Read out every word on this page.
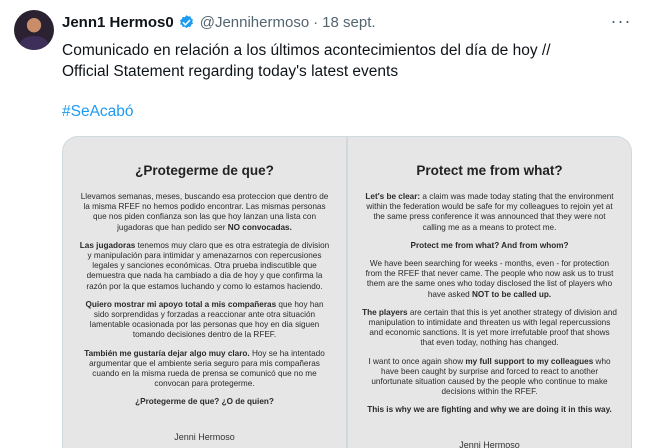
Jenn1 Hermos0 @Jennihermoso · 18 sept.	···
Comunicado en relación a los últimos acontecimientos del día de hoy //
Official Statement regarding today's latest events
#SeAcabó
¿Protegerme de que?

Llevamos semanas, meses, buscando esa proteccion que dentro de la misma RFEF no hemos podido encontrar. Las mismas personas que nos piden confianza son las que hoy lanzan una lista con jugadoras que han pedido ser NO convocadas.

Las jugadoras tenemos muy claro que es otra estrategia de division y manipulación para intimidar y amenazarnos con repercusiones legales y sanciones económicas. Otra prueba indiscutible que demuestra que nada ha cambiado a dia de hoy y que confirma la razón por la que estamos luchando y como lo estamos haciendo.

Quiero mostrar mi apoyo total a mis compañeras que hoy han sido sorprendidas y forzadas a reaccionar ante otra situación lamentable ocasionada por las personas que hoy en dia siguen tomando decisiones dentro de la RFEF.

También me gustaría dejar algo muy claro. Hoy se ha intentado argumentar que el ambiente seria seguro para mis compañeras cuando en la misma rueda de prensa se comunicó que no me convocan para protegerme.

¿Protegerme de que? ¿O de quien?

Jenni Hermoso
Protect me from what?

Let's be clear: a claim was made today stating that the environment within the federation would be safe for my colleagues to rejoin yet at the same press conference it was announced that they were not calling me as a means to protect me.

Protect me from what? And from whom?

We have been searching for weeks - months, even - for protection from the RFEF that never came. The people who now ask us to trust them are the same ones who today disclosed the list of players who have asked NOT to be called up.

The players are certain that this is yet another strategy of division and manipulation to intimidate and threaten us with legal repercussions and economic sanctions. It is yet more irrefutable proof that shows that even today, nothing has changed.

I want to once again show my full support to my colleagues who have been caught by surprise and forced to react to another unfortunate situation caused by the people who continue to make decisions within the RFEF.

This is why we are fighting and why we are doing it in this way.

Jenni Hermoso
